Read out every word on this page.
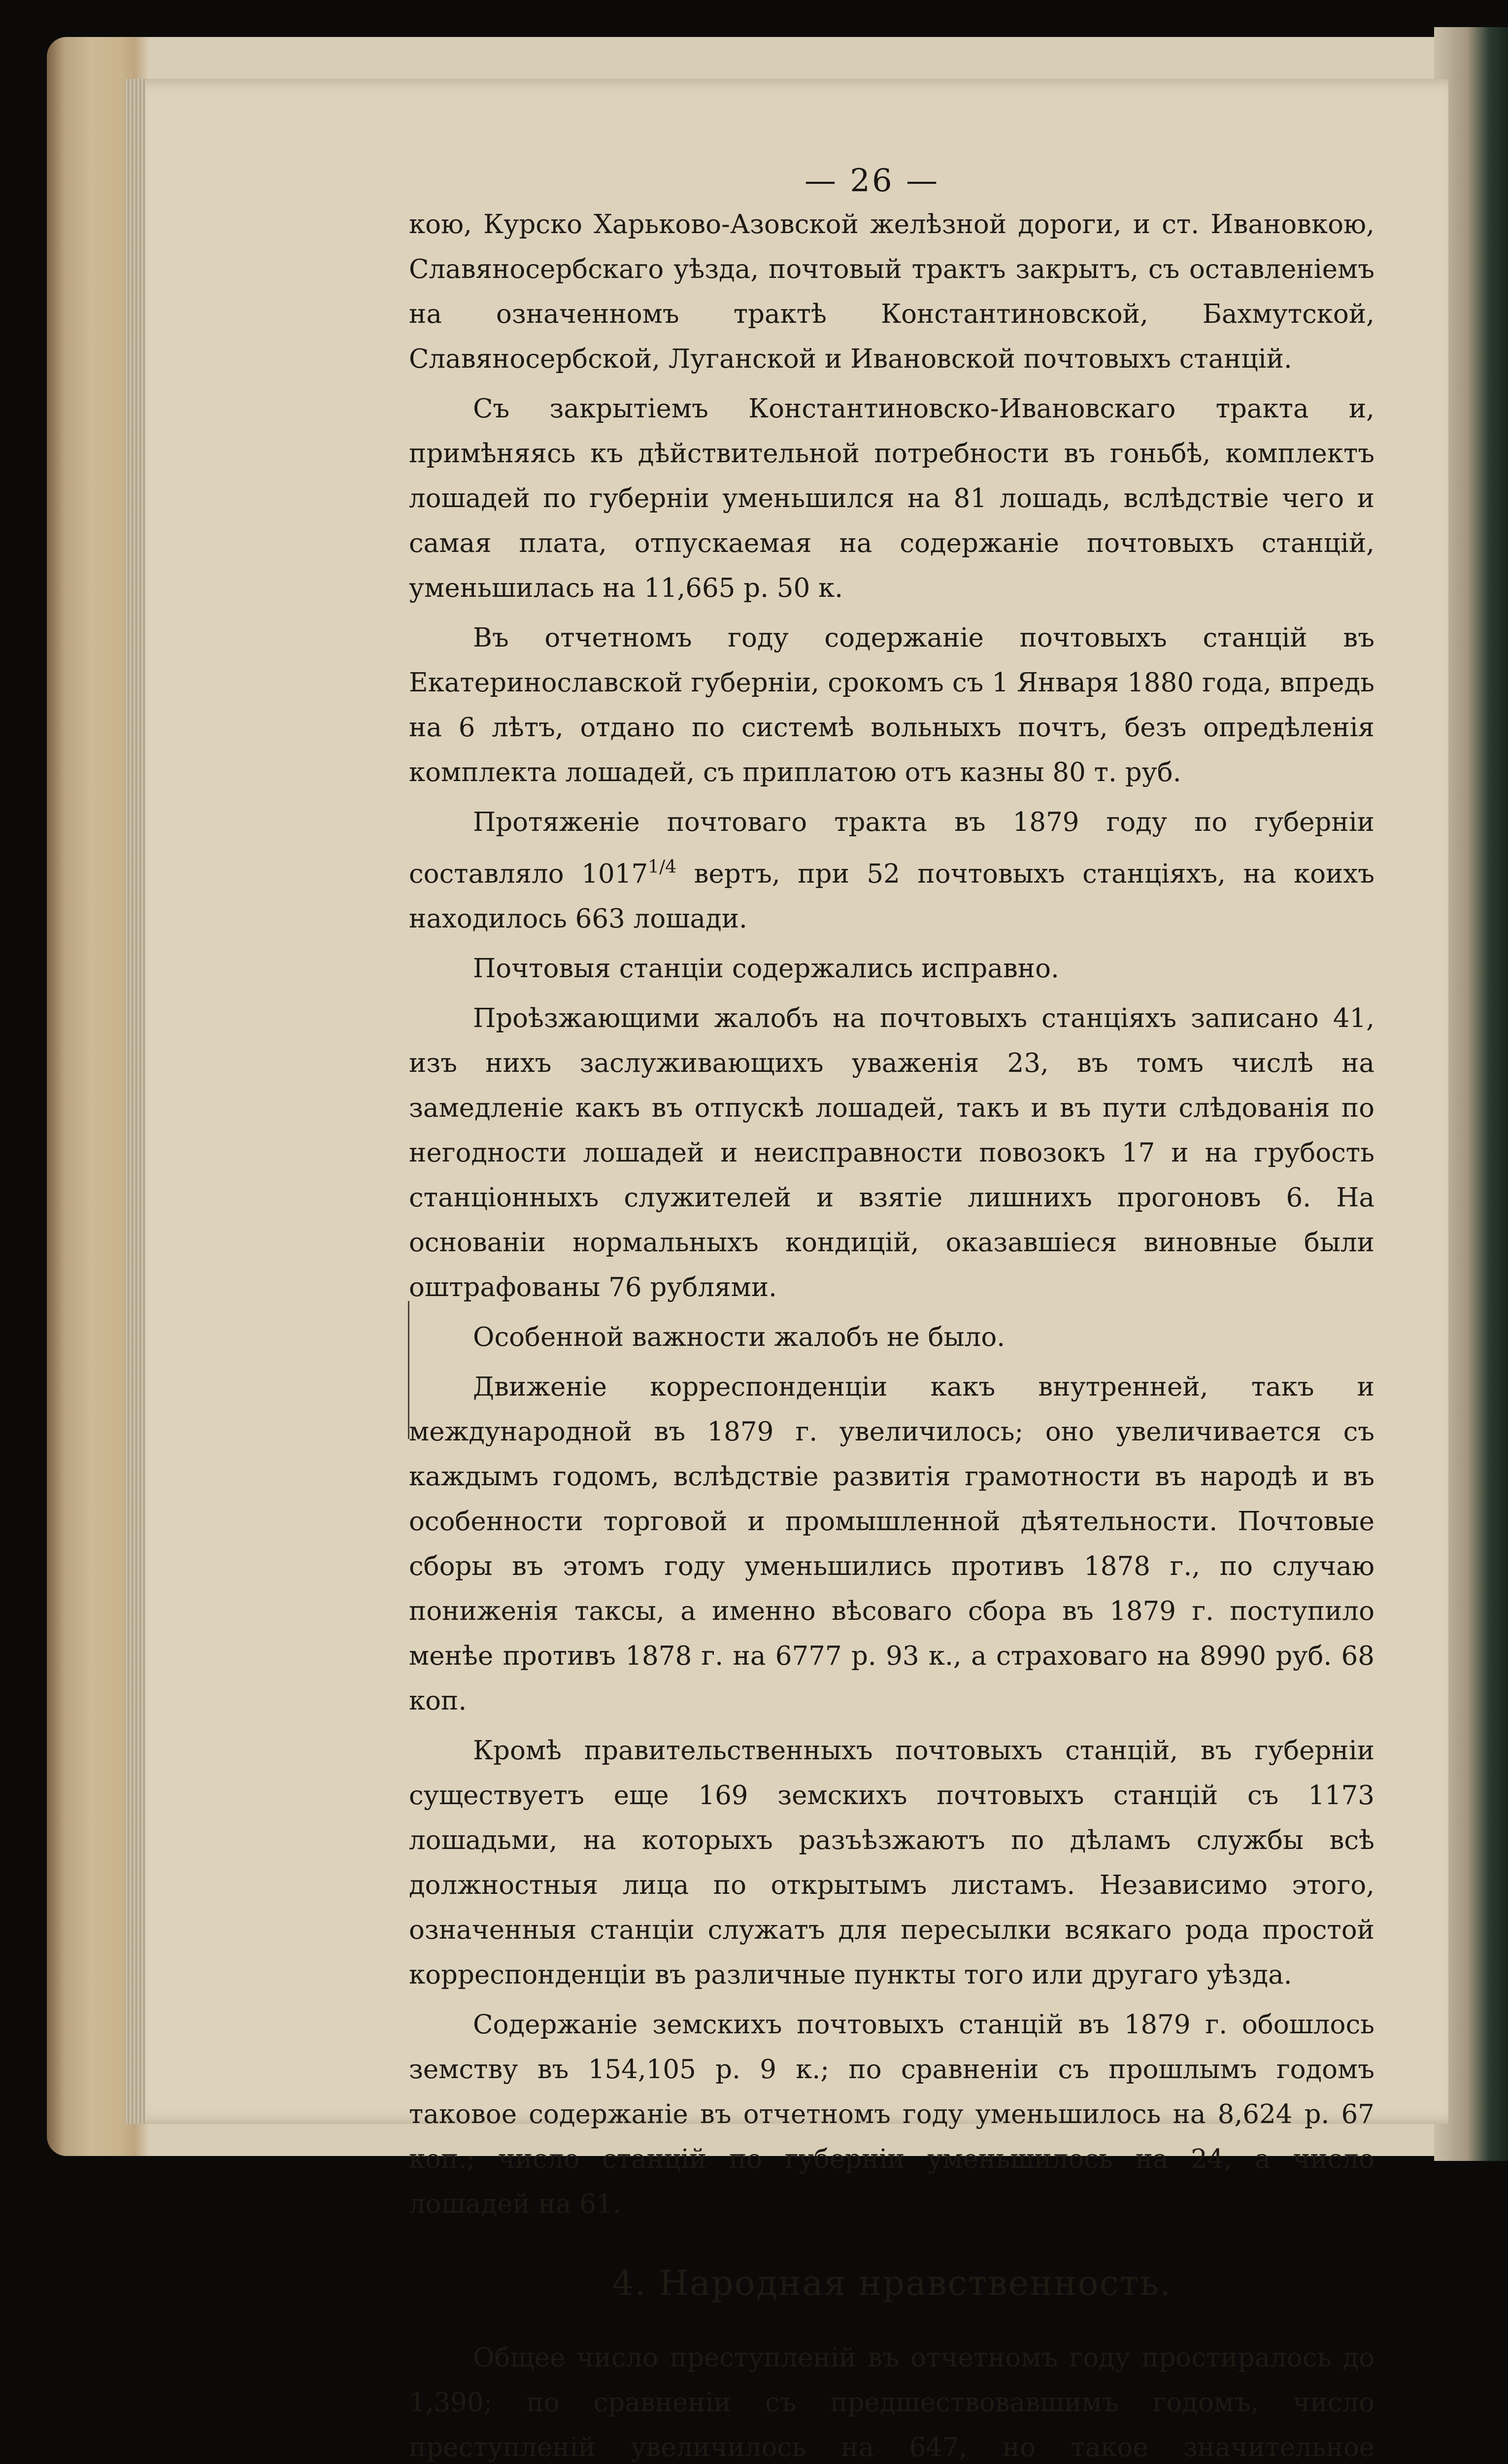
— 26 —

кою, Курско Харьково-Азовской желѣзной дороги, и ст. Ивановкою, Славяносербскаго уѣзда, почтовый трактъ закрытъ, съ оставленіемъ на означенномъ трактѣ Константиновской, Бахмутской, Славяносербской, Луганской и Ивановской почтовыхъ станцій.

Съ закрытіемъ Константиновско-Ивановскаго тракта и, примѣняясь къ дѣйствительной потребности въ гоньбѣ, комплектъ лошадей по губерніи уменьшился на 81 лошадь, вслѣдствіе чего и самая плата, отпускаемая на содержаніе почтовыхъ станцій, уменьшилась на 11,665 р. 50 к.

Въ отчетномъ году содержаніе почтовыхъ станцій въ Екатеринославской губерніи, срокомъ съ 1 Января 1880 года, впредь на 6 лѣтъ, отдано по системѣ вольныхъ почтъ, безъ опредѣленія комплекта лошадей, съ приплатою отъ казны 80 т. руб.

Протяженіе почтоваго тракта въ 1879 году по губерніи составляло $1017^{1/4}$ вертъ, при 52 почтовыхъ станціяхъ, на коихъ находилось 663 лошади.

Почтовыя станціи содержались исправно.

Проѣзжающими жалобъ на почтовыхъ станціяхъ записано 41, изъ нихъ заслуживающихъ уваженія 23, въ томъ числѣ на замедленіе какъ въ отпускѣ лошадей, такъ и въ пути слѣдованія по негодности лошадей и неисправности повозокъ 17 и на грубость станціонныхъ служителей и взятіе лишнихъ прогоновъ 6. На основаніи нормальныхъ кондицій, оказавшіеся виновные были оштрафованы 76 рублями.

Особенной важности жалобъ не было.

Движеніе корреспонденціи какъ внутренней, такъ и международной въ 1879 г. увеличилось; оно увеличивается съ каждымъ годомъ, вслѣдствіе развитія грамотности въ народѣ и въ особенности торговой и промышленной дѣятельности. Почтовые сборы въ этомъ году уменьшились противъ 1878 г., по случаю пониженія таксы, а именно вѣсоваго сбора въ 1879 г. поступило менѣе противъ 1878 г. на 6777 р. 93 к., а страховаго на 8990 руб. 68 коп.

Кромѣ правительственныхъ почтовыхъ станцій, въ губерніи существуетъ еще 169 земскихъ почтовыхъ станцій съ 1173 лошадьми, на которыхъ разъѣзжаютъ по дѣламъ службы всѣ должностныя лица по открытымъ листамъ. Независимо этого, означенныя станціи служатъ для пересылки всякаго рода простой корреспонденціи въ различные пункты того или другаго уѣзда.

Содержаніе земскихъ почтовыхъ станцій въ 1879 г. обошлось земству въ 154,105 р. 9 к.; по сравненіи съ прошлымъ годомъ таковое содержаніе въ отчетномъ году уменьшилось на 8,624 р. 67 коп.; число станцій по губерніи уменьшилось на 24, а число лошадей на 61.

4. Народная нравственность.

Общее число преступленій въ отчетномъ году простиралось до 1,390; по сравненіи съ предшествовавшимъ годомъ, число преступленій увеличилось на 647, но такое значительное
